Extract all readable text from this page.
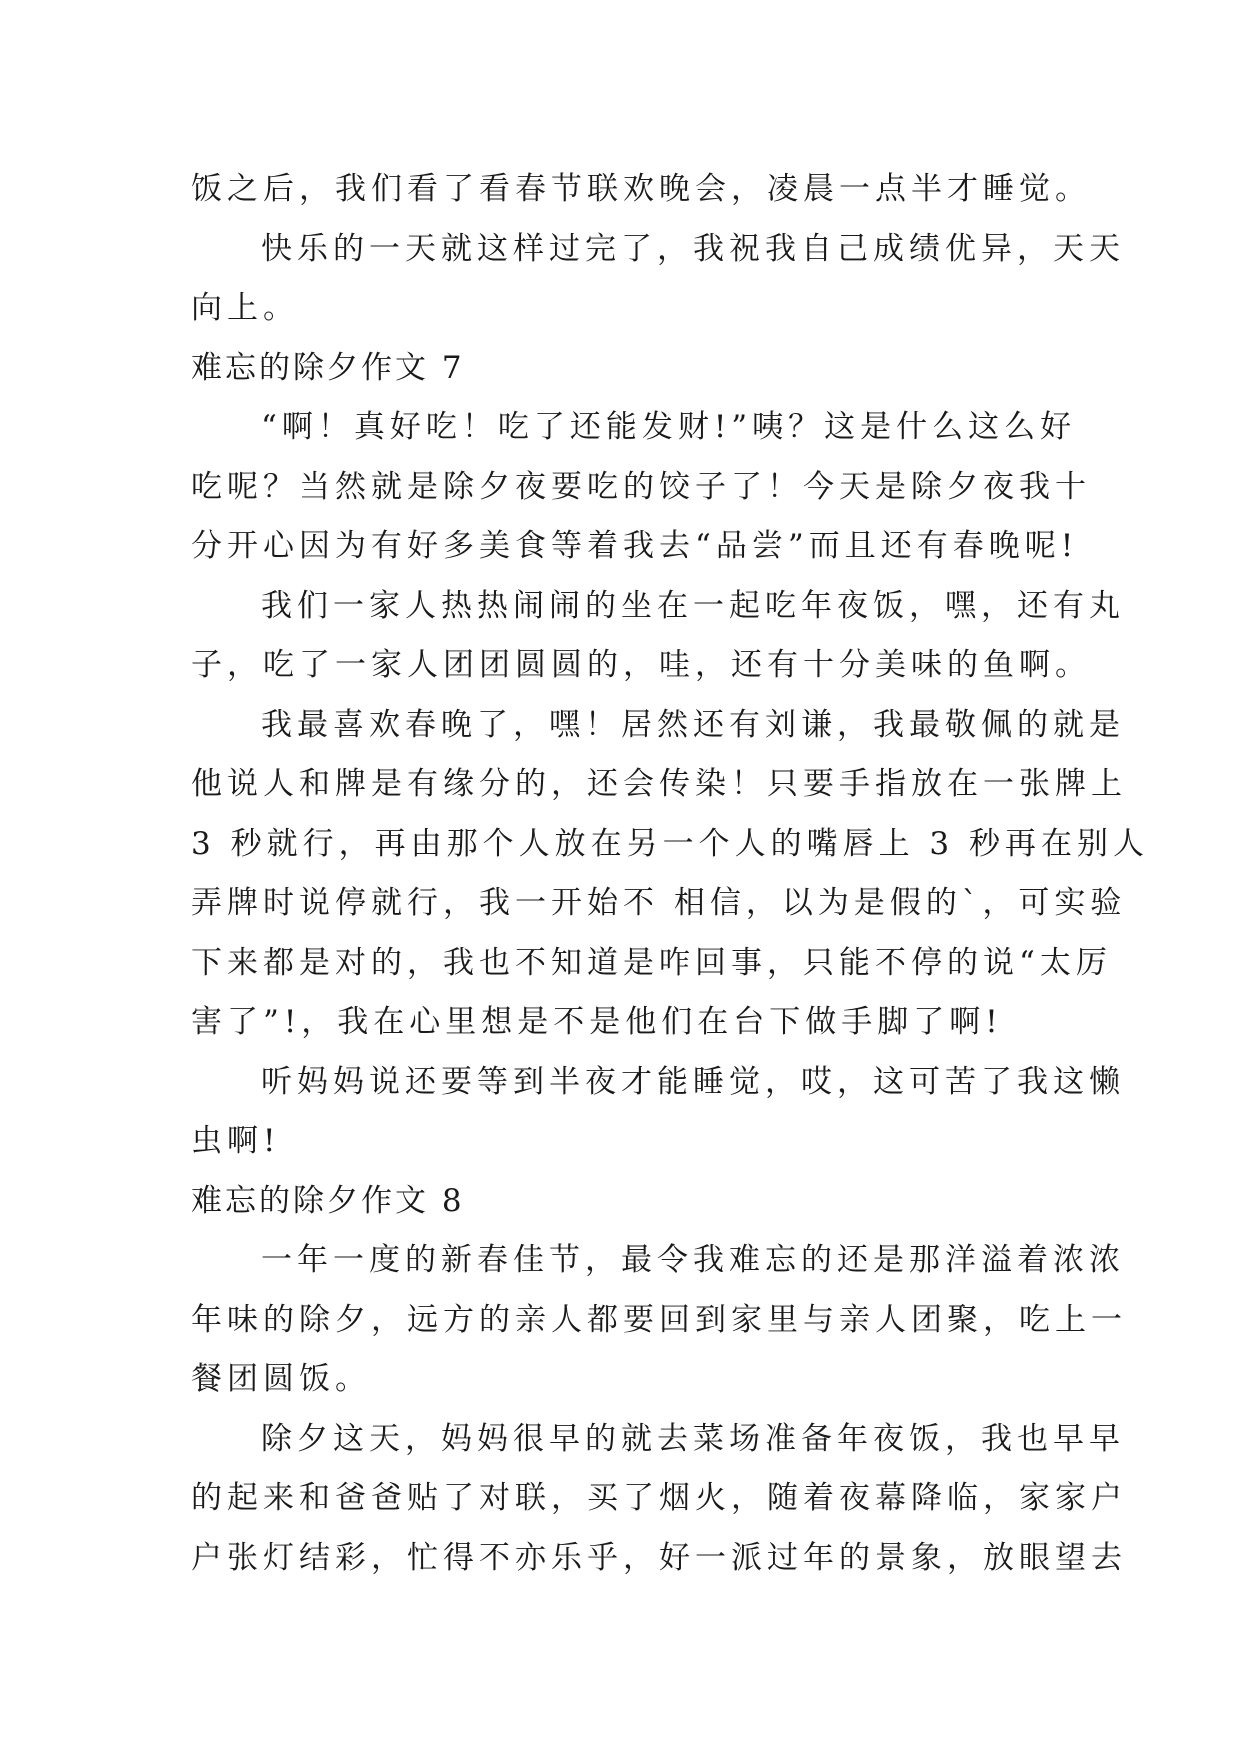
饭之后，我们看了看春节联欢晚会，凌晨一点半才睡觉。
快乐的一天就这样过完了，我祝我自己成绩优异，天天
向上。
难忘的除夕作文 7
“啊！真好吃！吃了还能发财!”咦？这是什么这么好
吃呢？当然就是除夕夜要吃的饺子了！今天是除夕夜我十
分开心因为有好多美食等着我去“品尝”而且还有春晚呢!
我们一家人热热闹闹的坐在一起吃年夜饭，嘿，还有丸
子，吃了一家人团团圆圆的，哇，还有十分美味的鱼啊。
我最喜欢春晚了，嘿！居然还有刘谦，我最敬佩的就是
他说人和牌是有缘分的，还会传染！只要手指放在一张牌上
3 秒就行，再由那个人放在另一个人的嘴唇上 3 秒再在别人
弄牌时说停就行，我一开始不 相信，以为是假的`，可实验
下来都是对的，我也不知道是咋回事，只能不停的说“太厉
害了”!，我在心里想是不是他们在台下做手脚了啊!
听妈妈说还要等到半夜才能睡觉，哎，这可苦了我这懒
虫啊!
难忘的除夕作文 8
一年一度的新春佳节，最令我难忘的还是那洋溢着浓浓
年味的除夕，远方的亲人都要回到家里与亲人团聚，吃上一
餐团圆饭。
除夕这天，妈妈很早的就去菜场准备年夜饭，我也早早
的起来和爸爸贴了对联，买了烟火，随着夜幕降临，家家户
户张灯结彩，忙得不亦乐乎，好一派过年的景象，放眼望去
